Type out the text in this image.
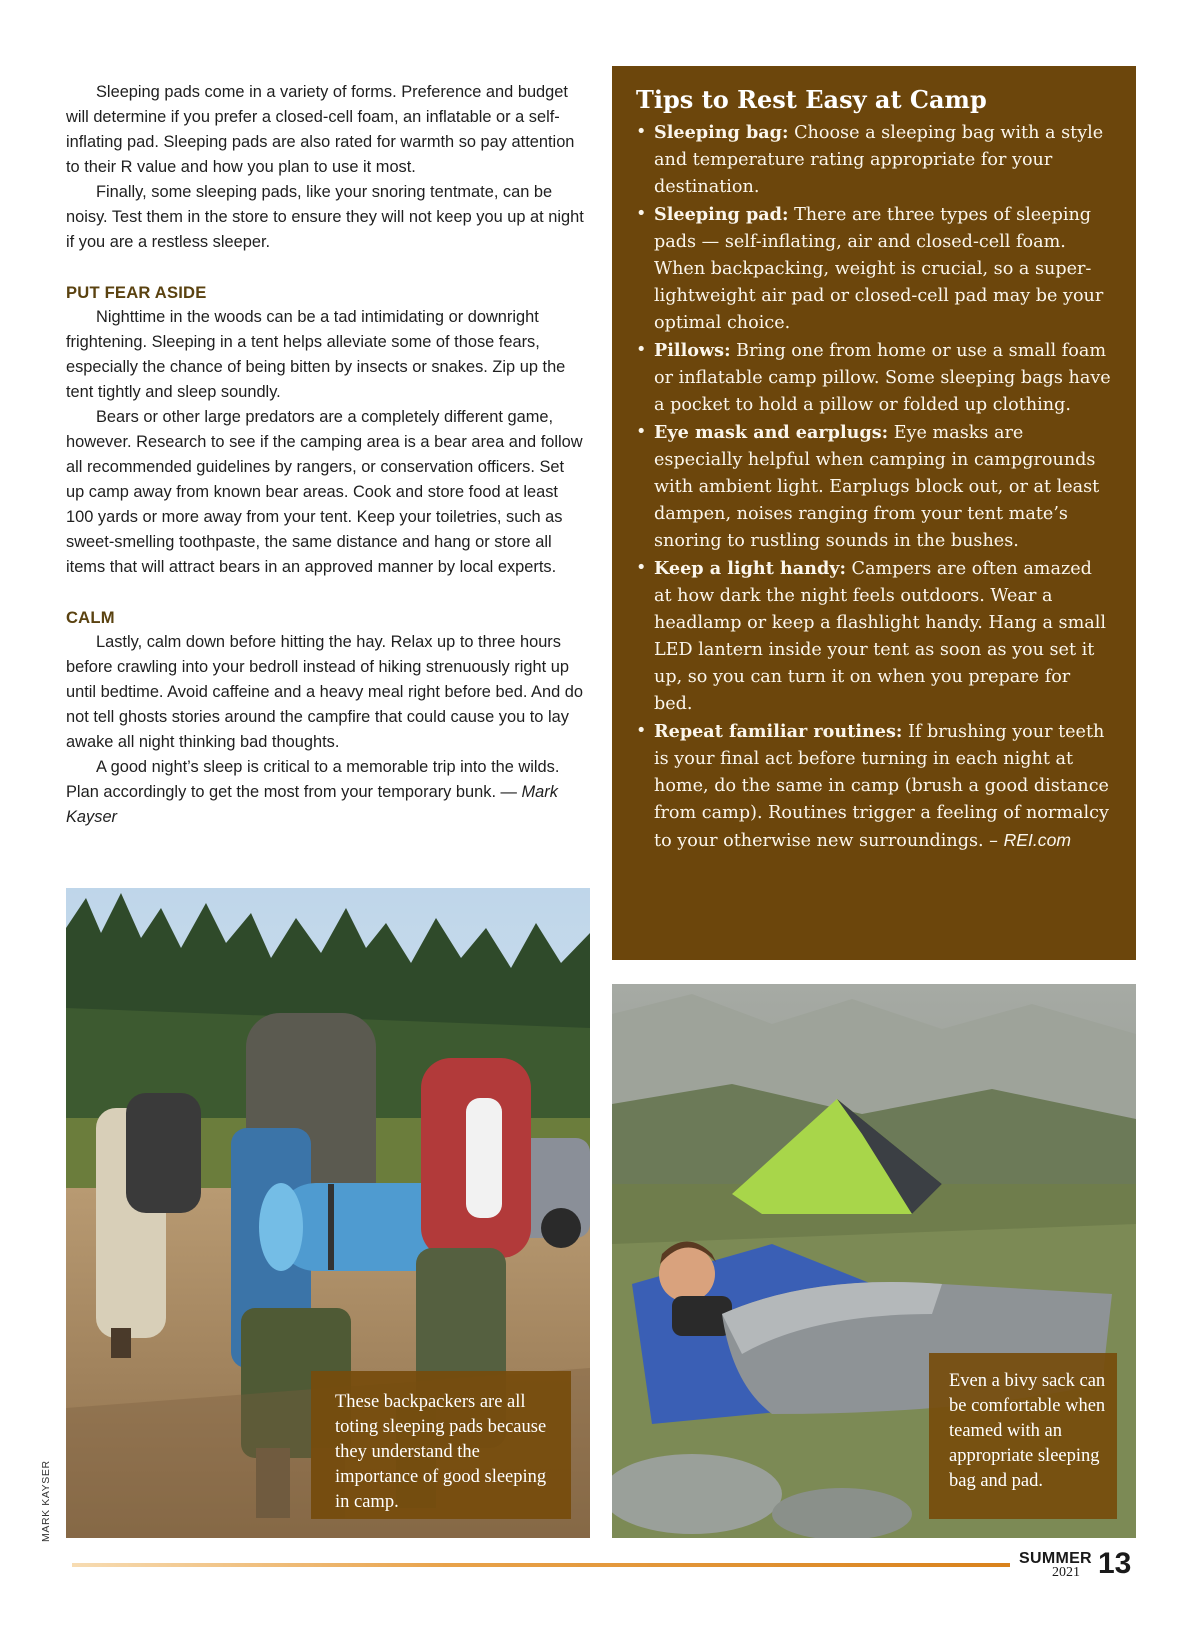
Sleeping pads come in a variety of forms. Preference and budget will determine if you prefer a closed-cell foam, an inflatable or a self-inflating pad. Sleeping pads are also rated for warmth so pay attention to their R value and how you plan to use it most.

Finally, some sleeping pads, like your snoring tentmate, can be noisy. Test them in the store to ensure they will not keep you up at night if you are a restless sleeper.

PUT FEAR ASIDE

Nighttime in the woods can be a tad intimidating or downright frightening. Sleeping in a tent helps alleviate some of those fears, especially the chance of being bitten by insects or snakes. Zip up the tent tightly and sleep soundly.

Bears or other large predators are a completely different game, however. Research to see if the camping area is a bear area and follow all recommended guidelines by rangers, or conservation officers. Set up camp away from known bear areas. Cook and store food at least 100 yards or more away from your tent. Keep your toiletries, such as sweet-smelling toothpaste, the same distance and hang or store all items that will attract bears in an approved manner by local experts.

CALM

Lastly, calm down before hitting the hay. Relax up to three hours before crawling into your bedroll instead of hiking strenuously right up until bedtime. Avoid caffeine and a heavy meal right before bed. And do not tell ghosts stories around the campfire that could cause you to lay awake all night thinking bad thoughts.

A good night’s sleep is critical to a memorable trip into the wilds. Plan accordingly to get the most from your temporary bunk. — Mark Kayser

Tips to Rest Easy at Camp
• Sleeping bag: Choose a sleeping bag with a style and temperature rating appropriate for your destination.
• Sleeping pad: There are three types of sleeping pads — self-inflating, air and closed-cell foam. When backpacking, weight is crucial, so a super-lightweight air pad or closed-cell pad may be your optimal choice.
• Pillows: Bring one from home or use a small foam or inflatable camp pillow. Some sleeping bags have a pocket to hold a pillow or folded up clothing.
• Eye mask and earplugs: Eye masks are especially helpful when camping in campgrounds with ambient light. Earplugs block out, or at least dampen, noises ranging from your tent mate’s snoring to rustling sounds in the bushes.
• Keep a light handy: Campers are often amazed at how dark the night feels outdoors. Wear a headlamp or keep a flashlight handy. Hang a small LED lantern inside your tent as soon as you set it up, so you can turn it on when you prepare for bed.
• Repeat familiar routines: If brushing your teeth is your final act before turning in each night at home, do the same in camp (brush a good distance from camp). Routines trigger a feeling of normalcy to your otherwise new surroundings. – REI.com
These backpackers are all toting sleeping pads because they understand the importance of good sleeping in camp.
Even a bivy sack can be comfortable when teamed with an appropriate sleeping bag and pad.
MARK KAYSER
SUMMER
2021 13
